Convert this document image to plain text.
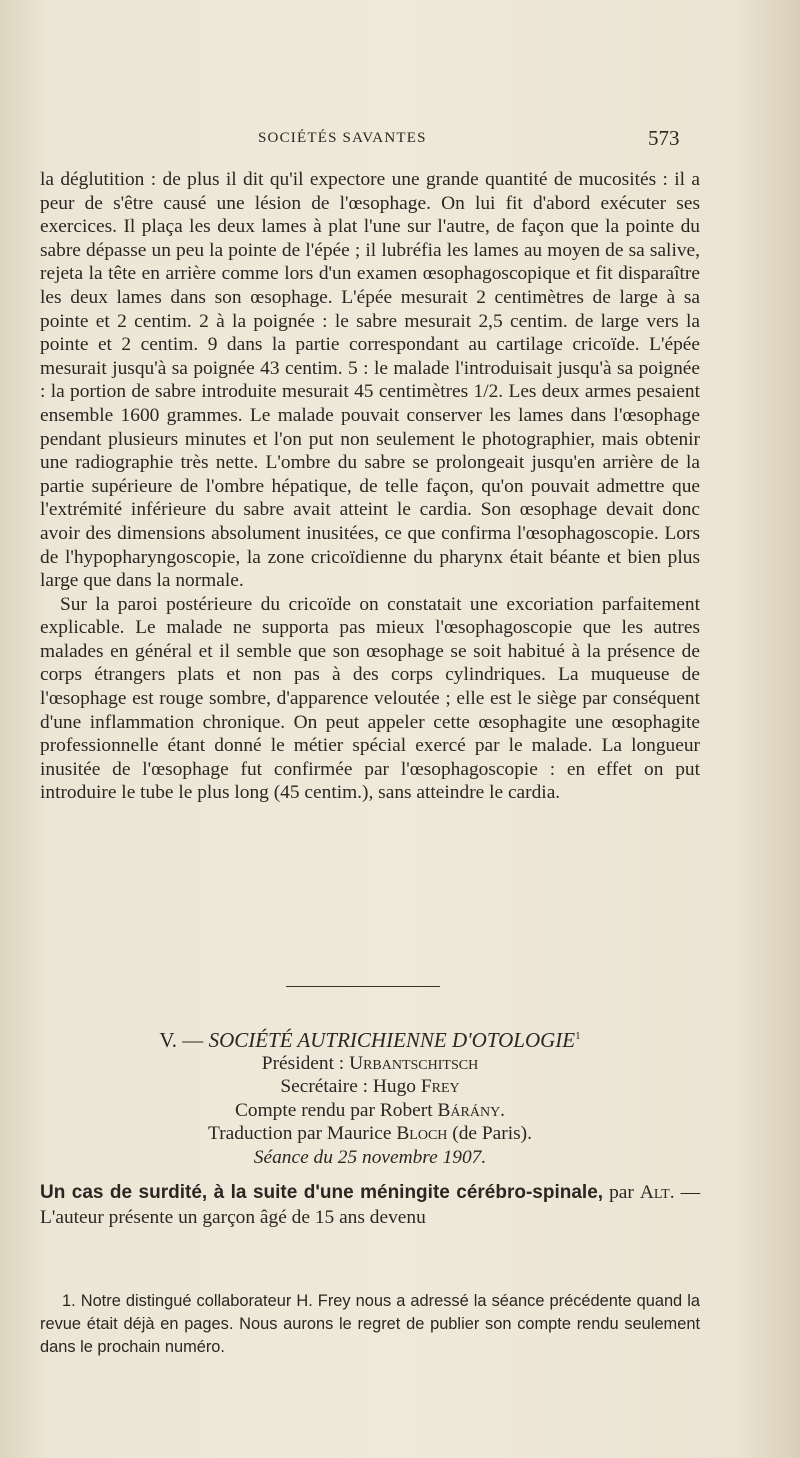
SOCIÉTÉS SAVANTES	573

la déglutition : de plus il dit qu'il expectore une grande quantité de mucosités : il a peur de s'être causé une lésion de l'œsophage. On lui fit d'abord exécuter ses exercices. Il plaça les deux lames à plat l'une sur l'autre, de façon que la pointe du sabre dépasse un peu la pointe de l'épée ; il lubréfia les lames au moyen de sa salive, rejeta la tête en arrière comme lors d'un examen œsophagoscopique et fit disparaître les deux lames dans son œsophage. L'épée mesurait 2 centimètres de large à sa pointe et 2 centim. 2 à la poignée : le sabre mesurait 2,5 centim. de large vers la pointe et 2 centim. 9 dans la partie correspondant au cartilage cricoïde. L'épée mesurait jusqu'à sa poignée 43 centim. 5 : le malade l'introduisait jusqu'à sa poignée : la portion de sabre introduite mesurait 45 centimètres 1/2. Les deux armes pesaient ensemble 1600 grammes. Le malade pouvait conserver les lames dans l'œsophage pendant plusieurs minutes et l'on put non seulement le photographier, mais obtenir une radiographie très nette. L'ombre du sabre se prolongeait jusqu'en arrière de la partie supérieure de l'ombre hépatique, de telle façon, qu'on pouvait admettre que l'extrémité inférieure du sabre avait atteint le cardia. Son œsophage devait donc avoir des dimensions absolument inusitées, ce que confirma l'œsophagoscopie. Lors de l'hypopharyngoscopie, la zone cricoïdienne du pharynx était béante et bien plus large que dans la normale.

Sur la paroi postérieure du cricoïde on constatait une excoriation parfaitement explicable. Le malade ne supporta pas mieux l'œsophagoscopie que les autres malades en général et il semble que son œsophage se soit habitué à la présence de corps étrangers plats et non pas à des corps cylindriques. La muqueuse de l'œsophage est rouge sombre, d'apparence veloutée ; elle est le siège par conséquent d'une inflammation chronique. On peut appeler cette œsophagite une œsophagite professionnelle étant donné le métier spécial exercé par le malade. La longueur inusitée de l'œsophage fut confirmée par l'œsophagoscopie : en effet on put introduire le tube le plus long (45 centim.), sans atteindre le cardia.

V. — SOCIÉTÉ AUTRICHIENNE D'OTOLOGIE$^1$
Président : Urbantschitsch
Secrétaire : Hugo Frey
Compte rendu par Robert Bárány.
Traduction par Maurice Bloch (de Paris).
Séance du 25 novembre 1907.
Un cas de surdité, à la suite d'une méningite cérébro-spinale, par Alt. — L'auteur présente un garçon âgé de 15 ans devenu
1. Notre distingué collaborateur H. Frey nous a adressé la séance précédente quand la revue était déjà en pages. Nous aurons le regret de publier son compte rendu seulement dans le prochain numéro.
